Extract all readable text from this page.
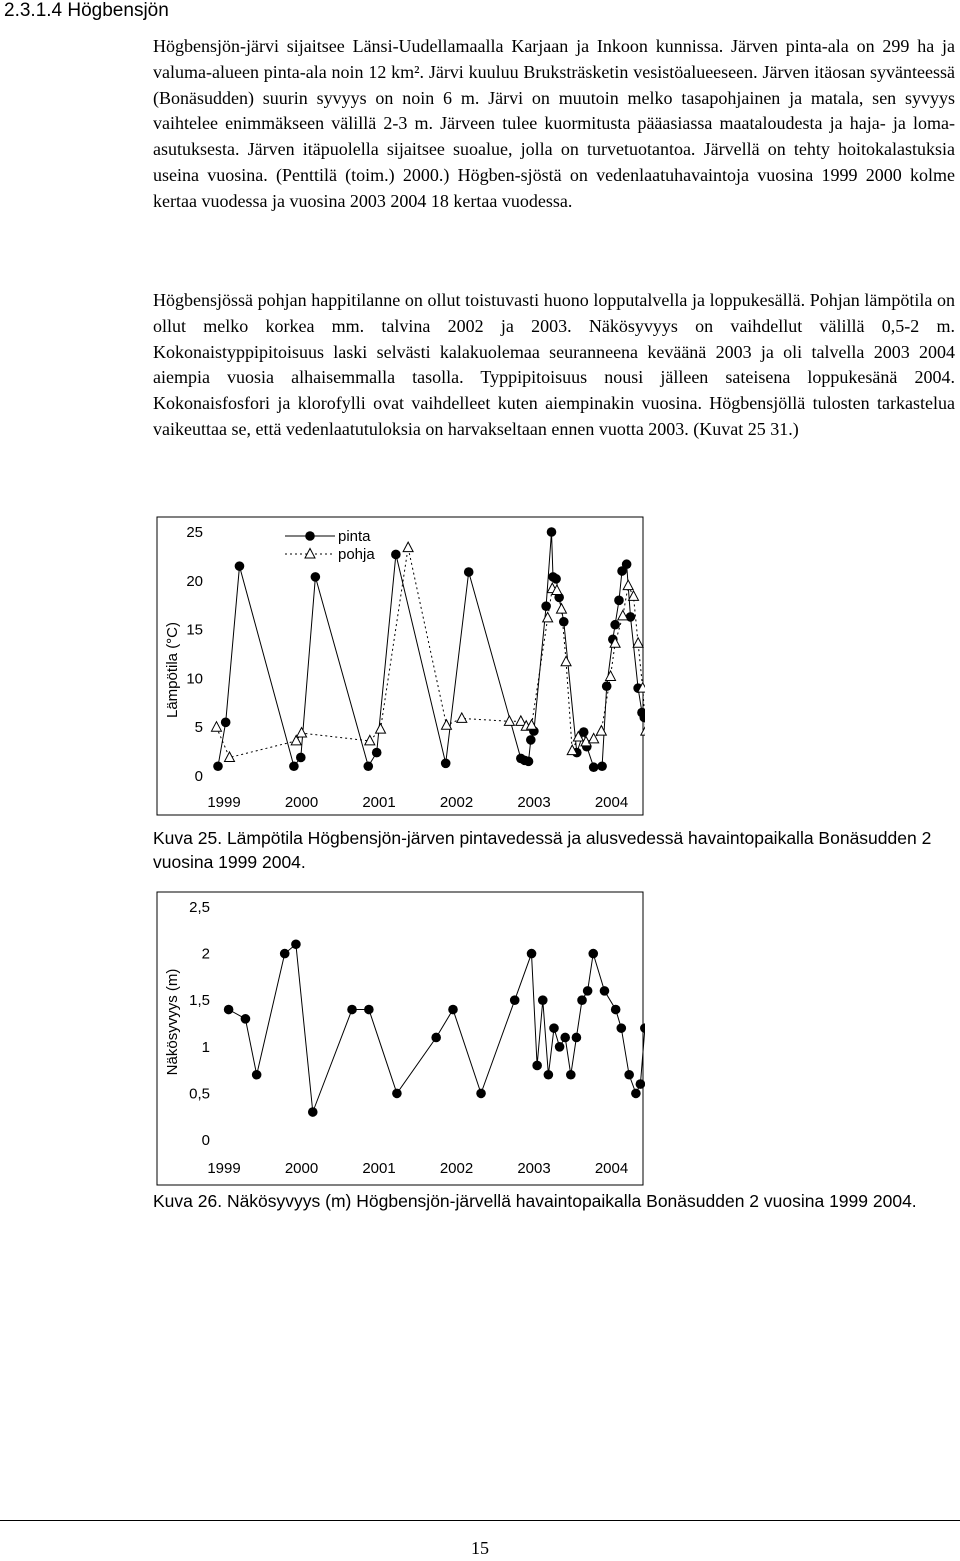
2.3.1.4 Högbensjön
Högbensjön-järvi sijaitsee Länsi-Uudellamaalla Karjaan ja Inkoon kunnissa. Järven pinta-ala on 299 ha ja valuma-alueen pinta-ala noin 12 km². Järvi kuuluu Bruksträsketin vesistöalueeseen. Järven itäosan syvänteessä (Bonäsudden) suurin syvyys on noin 6 m. Järvi on muutoin melko tasapohjainen ja matala, sen syvyys vaihtelee enimmäkseen välillä 2-3 m. Järveen tulee kuormitusta pääasiassa maataloudesta ja haja- ja loma-asutuksesta. Järven itäpuolella sijaitsee suoalue, jolla on turvetuotantoa. Järvellä on tehty hoitokalastuksia useina vuosina. (Penttilä (toim.) 2000.) Högben-sjöstä on vedenlaatuhavaintoja vuosina 1999 2000 kolme kertaa vuodessa ja vuosina 2003 2004 18 kertaa vuodessa.
Högbensjössä pohjan happitilanne on ollut toistuvasti huono lopputalvella ja loppukesällä. Pohjan lämpötila on ollut melko korkea mm. talvina 2002 ja 2003. Näkösyvyys on vaihdellut välillä 0,5-2 m. Kokonaistyppipitoisuus laski selvästi kalakuolemaa seuranneena keväänä 2003 ja oli talvella 2003 2004 aiempia vuosia alhaisemmalla tasolla. Typpipitoisuus nousi jälleen sateisena loppukesänä 2004. Kokonaisfosfori ja klorofylli ovat vaihdelleet kuten aiempinakin vuosina. Högbensjöllä tulosten tarkastelua vaikeuttaa se, että vedenlaatutuloksia on harvakseltaan ennen vuotta 2003. (Kuvat 25 31.)
0
5
10
15
20
25
1999	2000	2001	2002	2003	2004
Lämpötila (°C)
pinta
pohja
Kuva 25. Lämpötila Högbensjön-järven pintavedessä ja alusvedessä havaintopaikalla Bonäsudden 2 vuosina 1999 2004.
0
0,5
1
1,5
2
2,5
1999	2000	2001	2002	2003	2004
Näkösyvyys (m)
Kuva 26. Näkösyvyys (m) Högbensjön-järvellä havaintopaikalla Bonäsudden 2 vuosina 1999 2004.
15
